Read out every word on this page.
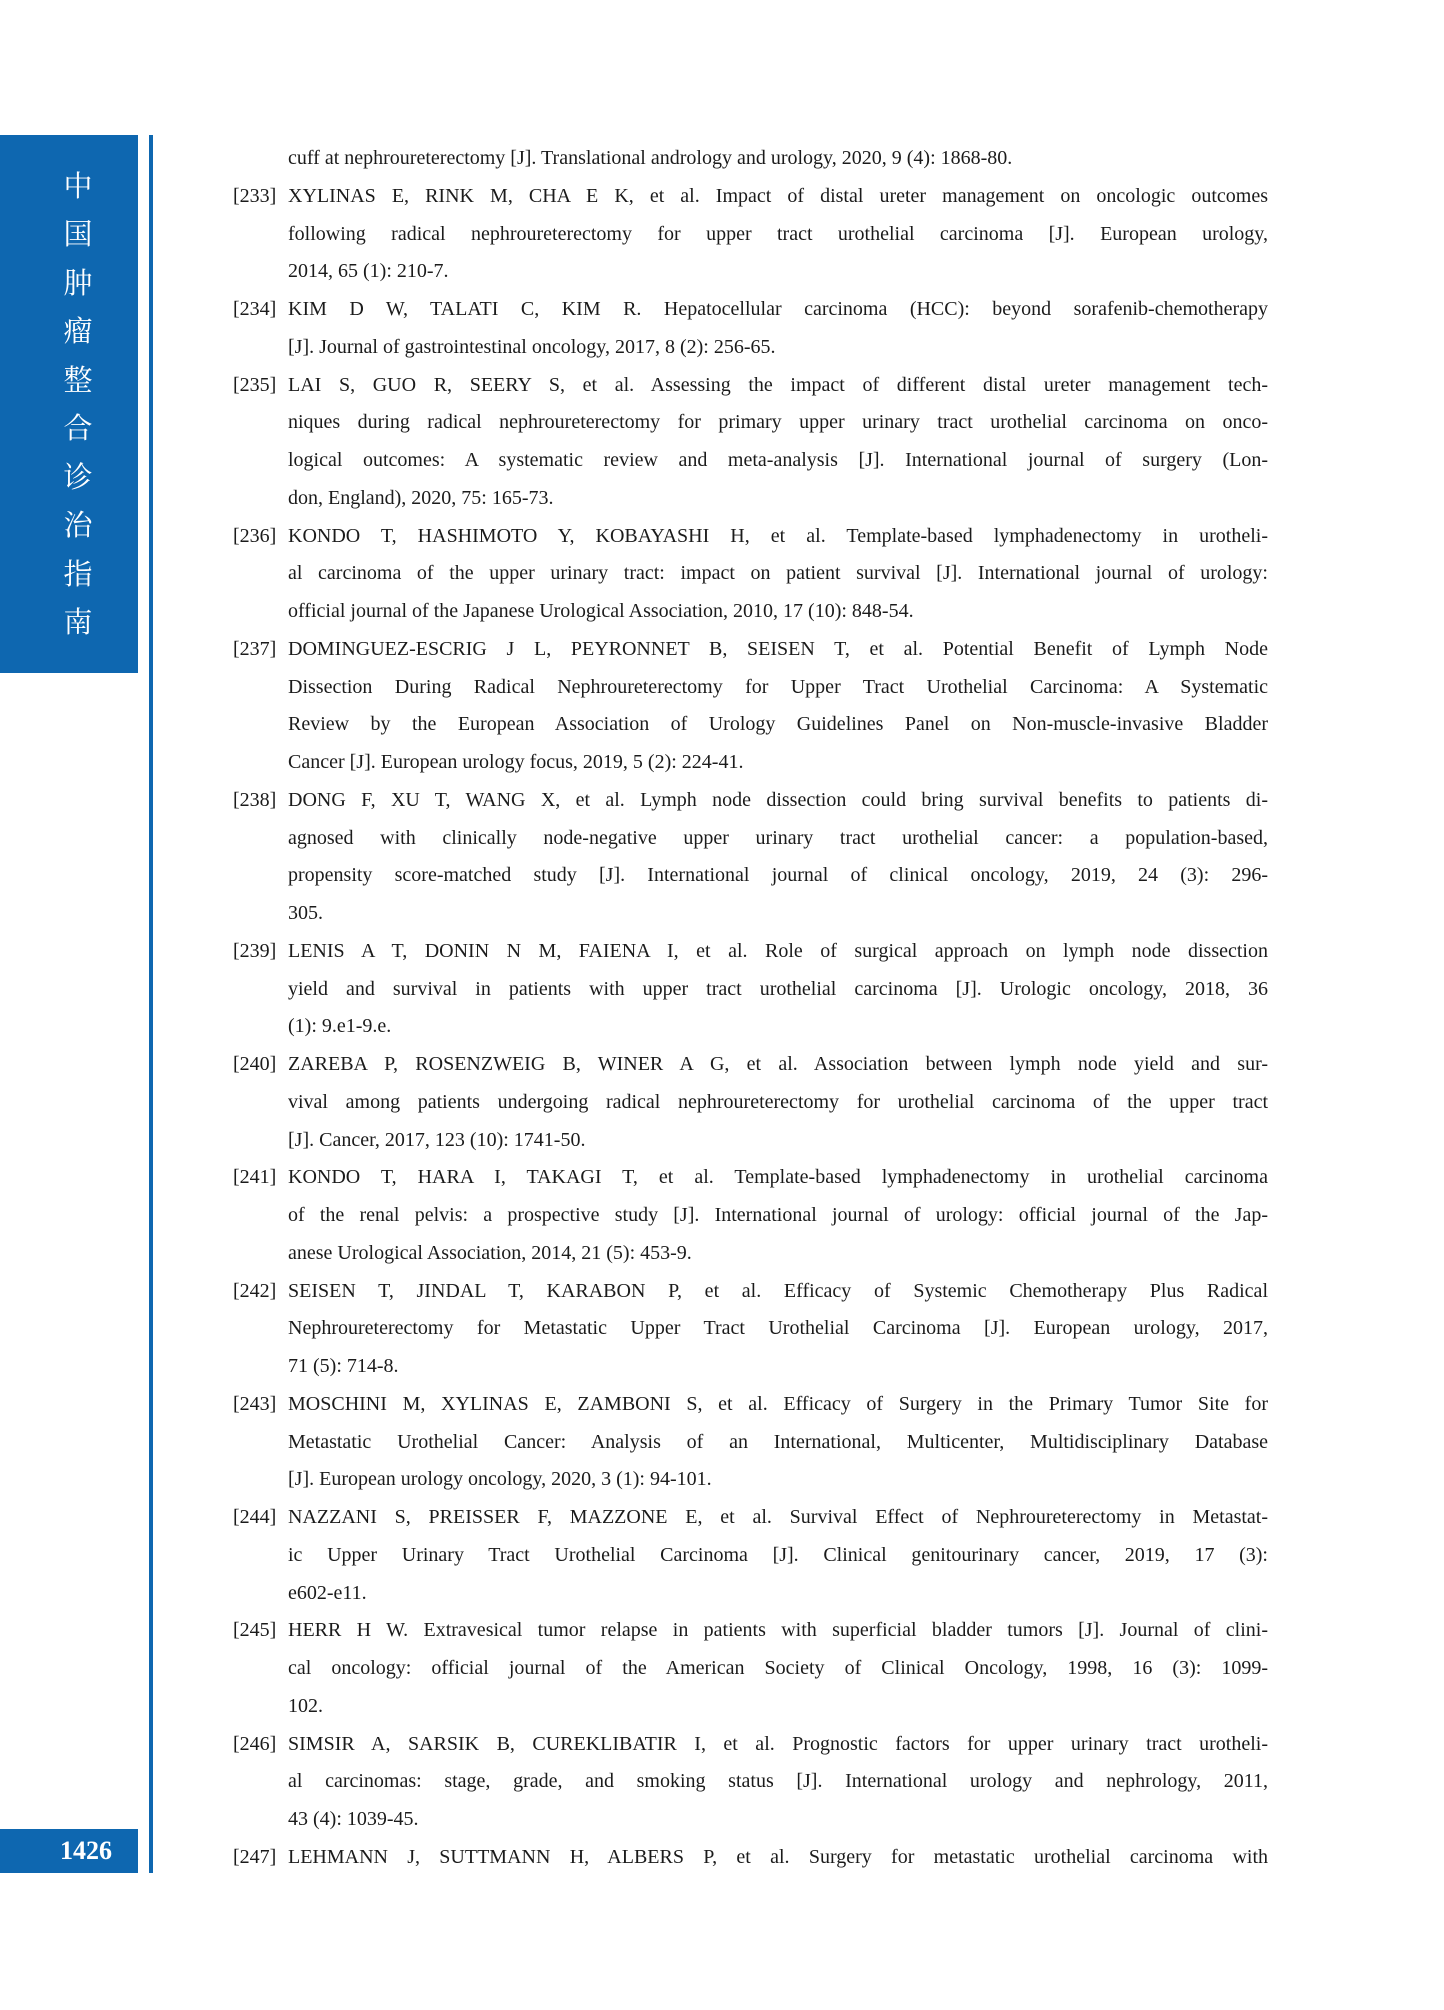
中
国
肿
瘤
整
合
诊
治
指
南
cuff at nephroureterectomy [J]. Translational andrology and urology, 2020, 9 (4): 1868-80.
[233] XYLINAS E, RINK M, CHA E K, et al. Impact of distal ureter management on oncologic outcomes
following radical nephroureterectomy for upper tract urothelial carcinoma [J]. European urology,
2014, 65 (1): 210-7.
[234] KIM D W, TALATI C, KIM R. Hepatocellular carcinoma (HCC): beyond sorafenib-chemotherapy
[J]. Journal of gastrointestinal oncology, 2017, 8 (2): 256-65.
[235] LAI S, GUO R, SEERY S, et al. Assessing the impact of different distal ureter management tech-
niques during radical nephroureterectomy for primary upper urinary tract urothelial carcinoma on onco-
logical outcomes: A systematic review and meta-analysis [J]. International journal of surgery (Lon-
don, England), 2020, 75: 165-73.
[236] KONDO T, HASHIMOTO Y, KOBAYASHI H, et al. Template-based lymphadenectomy in urotheli-
al carcinoma of the upper urinary tract: impact on patient survival [J]. International journal of urology:
official journal of the Japanese Urological Association, 2010, 17 (10): 848-54.
[237] DOMINGUEZ-ESCRIG J L, PEYRONNET B, SEISEN T, et al. Potential Benefit of Lymph Node
Dissection During Radical Nephroureterectomy for Upper Tract Urothelial Carcinoma: A Systematic
Review by the European Association of Urology Guidelines Panel on Non-muscle-invasive Bladder
Cancer [J]. European urology focus, 2019, 5 (2): 224-41.
[238] DONG F, XU T, WANG X, et al. Lymph node dissection could bring survival benefits to patients di-
agnosed with clinically node-negative upper urinary tract urothelial cancer: a population-based,
propensity score-matched study [J]. International journal of clinical oncology, 2019, 24 (3): 296-
305.
[239] LENIS A T, DONIN N M, FAIENA I, et al. Role of surgical approach on lymph node dissection
yield and survival in patients with upper tract urothelial carcinoma [J]. Urologic oncology, 2018, 36
(1): 9.e1-9.e.
[240] ZAREBA P, ROSENZWEIG B, WINER A G, et al. Association between lymph node yield and sur-
vival among patients undergoing radical nephroureterectomy for urothelial carcinoma of the upper tract
[J]. Cancer, 2017, 123 (10): 1741-50.
[241] KONDO T, HARA I, TAKAGI T, et al. Template-based lymphadenectomy in urothelial carcinoma
of the renal pelvis: a prospective study [J]. International journal of urology: official journal of the Jap-
anese Urological Association, 2014, 21 (5): 453-9.
[242] SEISEN T, JINDAL T, KARABON P, et al. Efficacy of Systemic Chemotherapy Plus Radical
Nephroureterectomy for Metastatic Upper Tract Urothelial Carcinoma [J]. European urology, 2017,
71 (5): 714-8.
[243] MOSCHINI M, XYLINAS E, ZAMBONI S, et al. Efficacy of Surgery in the Primary Tumor Site for
Metastatic Urothelial Cancer: Analysis of an International, Multicenter, Multidisciplinary Database
[J]. European urology oncology, 2020, 3 (1): 94-101.
[244] NAZZANI S, PREISSER F, MAZZONE E, et al. Survival Effect of Nephroureterectomy in Metastat-
ic Upper Urinary Tract Urothelial Carcinoma [J]. Clinical genitourinary cancer, 2019, 17 (3):
e602-e11.
[245] HERR H W. Extravesical tumor relapse in patients with superficial bladder tumors [J]. Journal of clini-
cal oncology: official journal of the American Society of Clinical Oncology, 1998, 16 (3): 1099-
102.
[246] SIMSIR A, SARSIK B, CUREKLIBATIR I, et al. Prognostic factors for upper urinary tract urotheli-
al carcinomas: stage, grade, and smoking status [J]. International urology and nephrology, 2011,
43 (4): 1039-45.
[247] LEHMANN J, SUTTMANN H, ALBERS P, et al. Surgery for metastatic urothelial carcinoma with
1426
